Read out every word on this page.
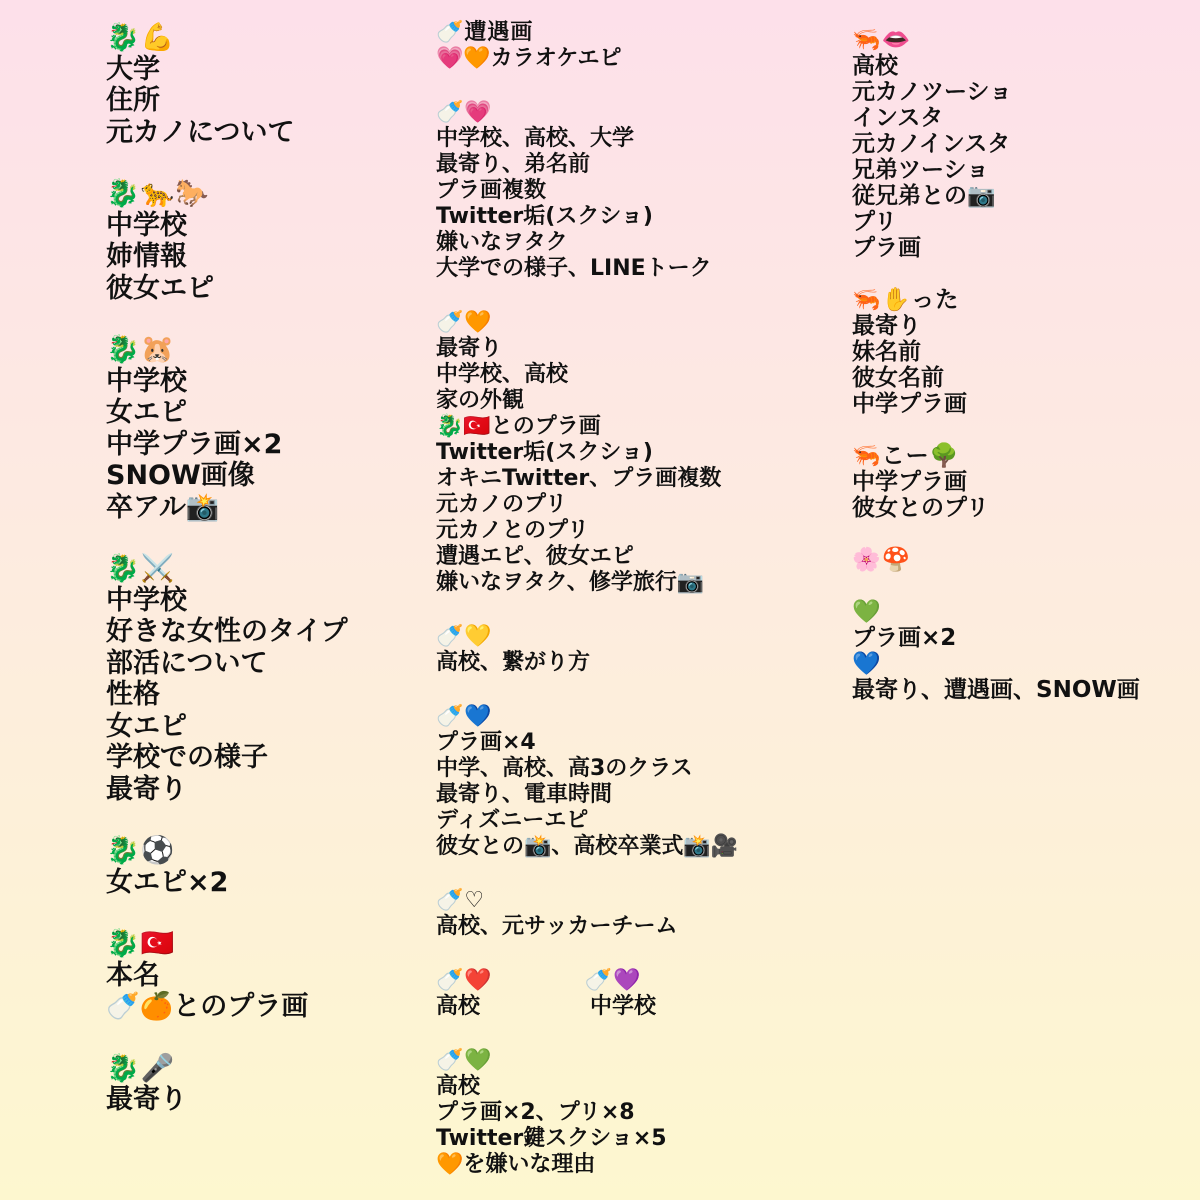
🐉💪
大学
住所
元カノについて
🐉🐆🐎
中学校
姉情報
彼女エピ
🐉🐹
中学校
女エピ
中学プラ画×2
SNOW画像
卒アル📸
🐉⚔️
中学校
好きな女性のタイプ
部活について
性格
女エピ
学校での様子
最寄り
🐉⚽
女エピ×2
🐉🇹🇷
本名
🍼🍊とのプラ画
🐉🎤
最寄り
🍼遭遇画
💗🧡カラオケエピ
🍼💗
中学校、高校、大学
最寄り、弟名前
プラ画複数
Twitter垢(スクショ)
嫌いなヲタク
大学での様子、LINEトーク
🍼🧡
最寄り
中学校、高校
家の外観
🐉🇹🇷とのプラ画
Twitter垢(スクショ)
オキニTwitter、プラ画複数
元カノのプリ
元カノとのプリ
遭遇エピ、彼女エピ
嫌いなヲタク、修学旅行📷
🍼💛
高校、繋がり方
🍼💙
プラ画×4
中学、高校、高3のクラス
最寄り、電車時間
ディズニーエピ
彼女との📸、高校卒業式📸🎥
🍼♡
高校、元サッカーチーム
🍼❤️　　　　🍼💜
高校　　　　　中学校
🍼💚
高校
プラ画×2、プリ×8
Twitter鍵スクショ×5
🧡を嫌いな理由
🦐👄
高校
元カノツーショ
インスタ
元カノインスタ
兄弟ツーショ
従兄弟との📷
プリ
プラ画
🦐✋った
最寄り
妹名前
彼女名前
中学プラ画
🦐こー🌳
中学プラ画
彼女とのプリ
🌸🍄
💚
プラ画×2
💙
最寄り、遭遇画、SNOW画
